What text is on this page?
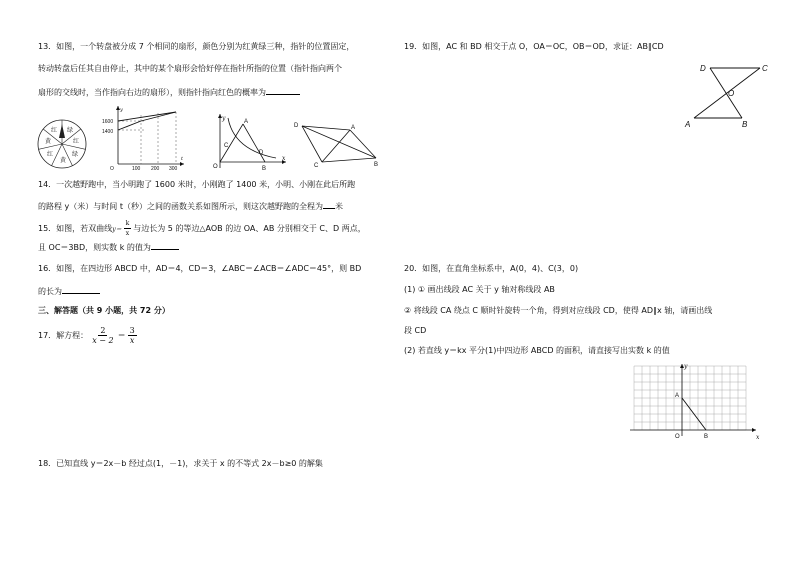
13．如图，一个转盘被分成 7 个相同的扇形，颜色分别为红黄绿三种，指针的位置固定，
转动转盘后任其自由停止，其中的某个扇形会恰好停在指针所指的位置（指针指向两个
扇形的交线时，当作指向右边的扇形），则指针指向红色的概率为
绿
红
绿
黄
红
黄
红
1600
1400
O	100 200 300
y
t
y
x
O
A
B
C
D
D	A
B
C
14．一次越野跑中，当小明跑了 1600 米时，小刚跑了 1400 米，小明、小刚在此后所跑
的路程 y（米）与时间 t（秒）之间的函数关系如图所示，则这次越野跑的全程为 米
15．如图，若双曲线$y= \frac{k}{x}$ 与边长为 5 的等边△AOB 的边 OA、AB 分别相交于 C、D 两点，
且 OC＝3BD，则实数 k 的值为
16．如图，在四边形 ABCD 中，AD＝4，CD＝3，∠ABC＝∠ACB＝∠ADC＝45°，则 BD
的长为
三、解答题（共 9 小题，共 72 分）
17．解方程： $\frac{2}{x - 2} = \frac{3}{x}$
18．已知直线 y＝2x－b 经过点(1，－1)，求关于 x 的不等式 2x－b≥0 的解集
19．如图，AC 和 BD 相交于点 O，OA＝OC，OB＝OD，求证：AB∥CD
D	C
O
A	B
20．如图，在直角坐标系中，A(0，4)、C(3，0)
(1) ① 画出线段 AC 关于 y 轴对称线段 AB
② 将线段 CA 绕点 C 顺时针旋转一个角，得到对应线段 CD，使得 AD∥x 轴，请画出线
段 CD
(2) 若直线 y＝kx 平分(1)中四边形 ABCD 的面积，请直接写出实数 k 的值
y
x
A
O	B
